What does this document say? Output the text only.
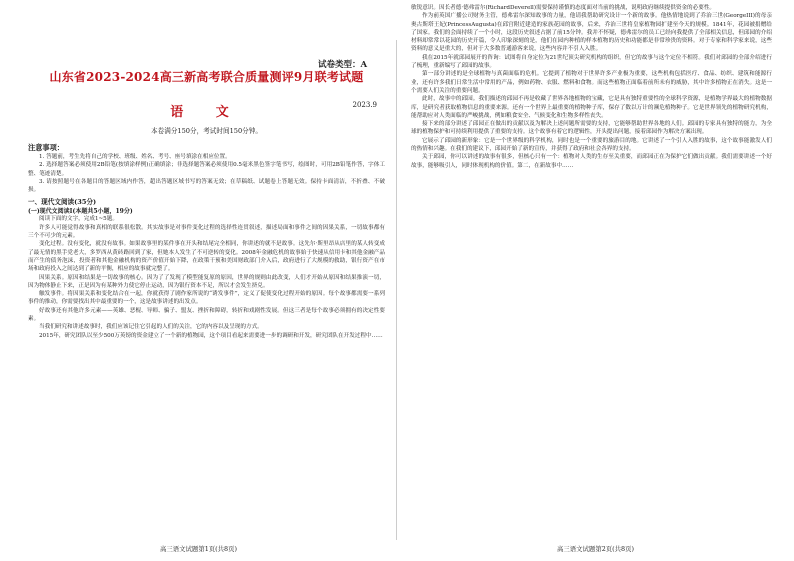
试卷类型：A
山东省2023-2024高三新高考联合质量测评9月联考试题
语 文	2023.9
本卷满分150分，考试时间150分钟。
注意事项：

1. 答题前，考生先将自己的学校、班级、姓名、考号、座号填涂在相应位置。

2. 选择题答案必须使用2B铅笔(按填涂样例)正确填涂；非选择题答案必须使用0.5毫米黑色签字笔书写，绘图时，可用2B铅笔作答，字体工整、笔迹清楚。

3. 请按照题号在各题目的答题区域内作答，超出答题区域书写的答案无效；在草稿纸、试题卷上答题无效。保持卡面清洁，不折叠、不破损。

一、现代文阅读(35分)
(一)现代文阅读Ⅰ(本题共5小题，19分)

阅读下面的文字，完成1~5题。

许多人可能觉得故事和真相的联系很松散。其实故事是对事件变化过程的选择性连贯叙述，描述局面和事件之间的因果关系，一切故事都有三个不可少的元素。

变化过程。没有变化，就没有故事。如果故事里的某件事在开头和结尾完全相同，你讲述的就不是故事。这先尔·斯里昂从店里的某人转变成了最无情的黑手党老大，多罗西从黄砖路回到了家，但她本人发生了不可逆转的变化。2008年金融危机的故事始于快速从信用卡和其他金融产品而产生的债务泡沫，投资者和其他金融机构的资产价值开始下降，在政策干预和美国财政部门介入后，政府进行了大规模的救助，银行资产在市场和政府投入之间达到了新的平衡，相应的故事就完整了。

因果关系。原因和结果是一切故事的核心。因为了了发现了模型能复原的原因，世界的规则由此改变，人们才开始从原因和结果推演一切，因为物体静止下来，正是因为有某种外力使它停止运动，因为银行资本不足，所以才会发生挤兑。

触发事件。将因果关系和变化结合在一起，你就获得了剧作家所说的“诱发事件”，定义了促使变化过程开始的原因。每个故事都需要一系列事件的推动，你需要找出其中最重要的一个，这是故事讲述的出发点。

好故事还有其他许多元素——英雄、恶棍、导师、骗子、盟友、挫折和障碍，转折和戏剧性发展。但这三者是每个故事必须拥有的决定性要素。

当我们研究和讲述故事时，我们应该记住它引起的人们的关注，它的内容以及呈现的方式。

2015年，研究团队以至少500万英镑的资金建立了一个新的植物园，这个项目看起来需要进一步的调研和开发，研究团队在开发过程中……

高三语文试题第1页(共8页)

敏锐意识。因长者德·德弗雷尔(RichardDeverell)需要保持谨慎的态度面对当前的挑战，说明政府继续提供资金的必要性。

作为前英国广播公司财务主管，德弗雷尔深知故事的力量，他请我帮助研究设计一个新的故事。他热情地说到了乔治三世(GeorgeIII)的母亲奥古斯塔王妃(PrincessAugusta)在邱宫附近建造的家族花园的故事，后来，乔治三世将皇家植物园扩建至今天的规模。1841年，花园被捐赠给了国家。我们的会面持续了一个小时，这段历史叙述占据了前15分钟。我并不怀疑，德弗雷尔的员工已经向我提供了全部相关信息，但邱园的介绍材料却常常以花园的历史开篇，令人印象深刻的是，他们在园内种植的样本植物的历史和功能都是非常珍贵的资料。对于专家和科学家来说，这些资料的意义是重大的，但对于大多数普通游客来说，这些内容并不引人入胜。

我在2015年就邱园展开的咨询：试图将自身定位为21世纪顶尖研究机构的组织，但它的故事与这个定位不相符。我们对邱园的全部介绍进行了梳理，重新编写了邱园的故事。

第一部分讲述的是全球植物与真菌面临的危机。它提到了植物对于世界许多产业极为重要，这些机构包括医疗、食品、纺织、建筑和能源行业，还有许多我们日常生活中常用的产品，例如药物、衣服、燃料和食物。而这些植物正面临着前所未有的威胁，其中许多植物正在消失。这是一个需要人们关注的重要问题。

此时，故事中的邱园。我们描述的邱园不再是收藏了世界各地植物的宝藏，它是具有独特重要性的全球科学资源，是植物学界最大的植物数据库，是研究者获取植物信息的重要来源。还有一个世界上最重要的植物种子库，保存了数以万计的濒危植物种子。它是世界领先的植物研究机构，能帮助应对人类面临的严峻挑战，例如粮食安全、气候变化和生物多样性丧失。

接下来的部分讲述了邱园正在做出的贡献以及为解决上述问题所需要的支持，它能够帮助世界各地的人们。邱园的专家具有独特的能力，为全球的植物保护和可持续利用提供了重要的支持。这个故事有着它的逻辑性，开头提出问题，接着邱园作为解决方案出现。

它展示了邱园的新形象：它是一个世界级的科学机构，同时也是一个重要的旅游目的地。它讲述了一个引人入胜的故事，这个故事能激发人们的热情和兴趣。在我们的建议下，邱园开始了新的宣传，并获得了政府和社会各界的支持。

关于邱园，你可以讲述的故事有很多，但核心只有一个：植物对人类的生存至关重要，而邱园正在为保护它们做出贡献。我们需要讲述一个好故事，能够吸引人，同时体现机构的价值。第二，在新故事中……

高三语文试题第2页(共8页)
